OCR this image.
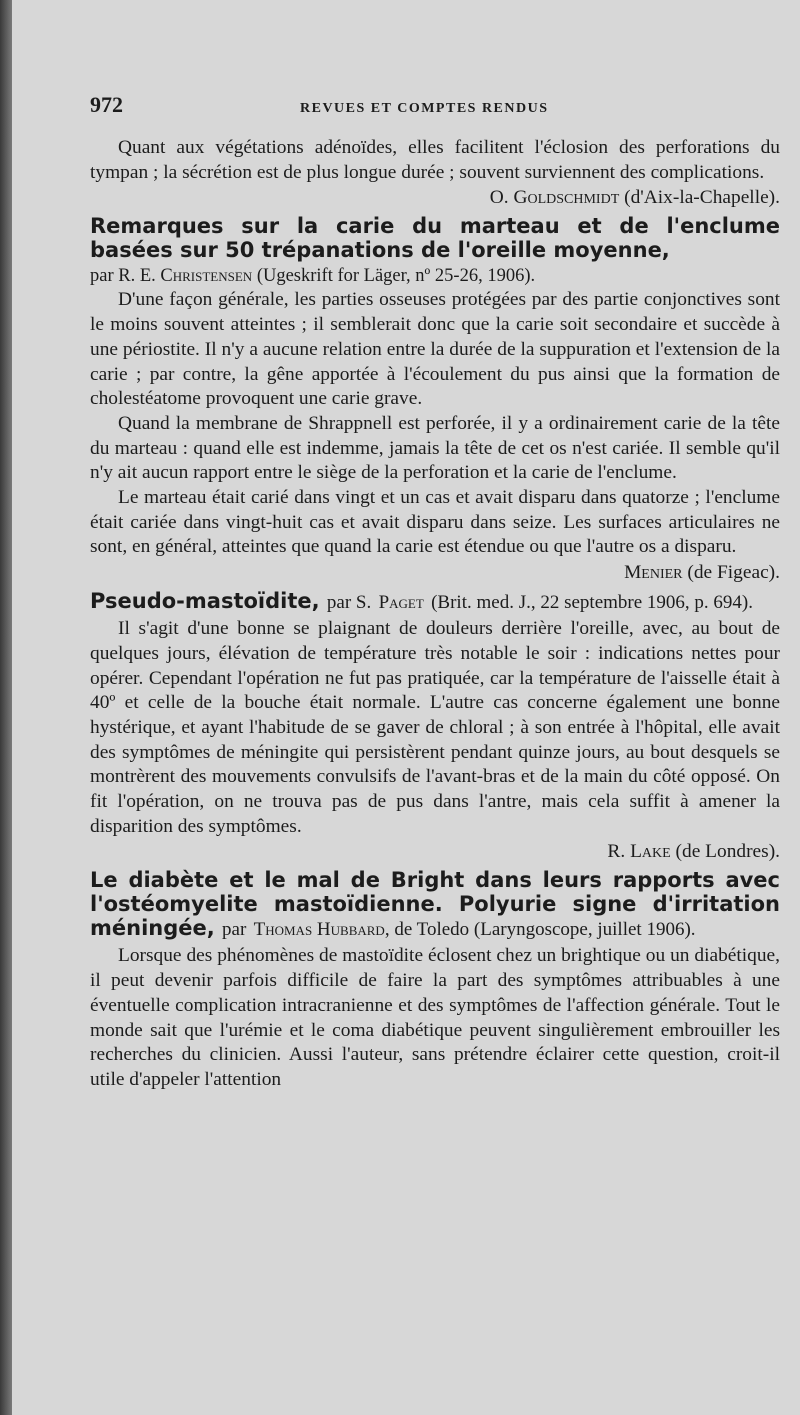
972	REVUES ET COMPTES RENDUS

Quant aux végétations adénoïdes, elles facilitent l'éclosion des perforations du tympan ; la sécrétion est de plus longue durée ; souvent surviennent des complications.

O. Goldschmidt (d'Aix-la-Chapelle).
Remarques sur la carie du marteau et de l'enclume basées sur 50 trépanations de l'oreille moyenne,

par R. E. Christensen (Ugeskrift for Läger, nº 25-26, 1906).

D'une façon générale, les parties osseuses protégées par des partie conjonctives sont le moins souvent atteintes ; il semblerait donc que la carie soit secondaire et succède à une périostite. Il n'y a aucune relation entre la durée de la suppuration et l'extension de la carie ; par contre, la gêne apportée à l'écoulement du pus ainsi que la formation de cholestéatome provoquent une carie grave.

Quand la membrane de Shrappnell est perforée, il y a ordinairement carie de la tête du marteau : quand elle est indemme, jamais la tête de cet os n'est cariée. Il semble qu'il n'y ait aucun rapport entre le siège de la perforation et la carie de l'enclume.

Le marteau était carié dans vingt et un cas et avait disparu dans quatorze ; l'enclume était cariée dans vingt-huit cas et avait disparu dans seize. Les surfaces articulaires ne sont, en général, atteintes que quand la carie est étendue ou que l'autre os a disparu.

Menier (de Figeac).
Pseudo-mastoïdite, par S. Paget (Brit. med. J., 22 septembre 1906, p. 694).

Il s'agit d'une bonne se plaignant de douleurs derrière l'oreille, avec, au bout de quelques jours, élévation de température très notable le soir : indications nettes pour opérer. Cependant l'opération ne fut pas pratiquée, car la température de l'aisselle était à 40º et celle de la bouche était normale. L'autre cas concerne également une bonne hystérique, et ayant l'habitude de se gaver de chloral ; à son entrée à l'hôpital, elle avait des symptômes de méningite qui persistèrent pendant quinze jours, au bout desquels se montrèrent des mouvements convulsifs de l'avant-bras et de la main du côté opposé. On fit l'opération, on ne trouva pas de pus dans l'antre, mais cela suffit à amener la disparition des symptômes.

R. Lake (de Londres).
Le diabète et le mal de Bright dans leurs rapports avec l'ostéomyelite mastoïdienne. Polyurie signe d'irritation méningée, par Thomas Hubbard, de Toledo (Laryngoscope, juillet 1906).

Lorsque des phénomènes de mastoïdite éclosent chez un brightique ou un diabétique, il peut devenir parfois difficile de faire la part des symptômes attribuables à une éventuelle complication intracranienne et des symptômes de l'affection générale. Tout le monde sait que l'urémie et le coma diabétique peuvent singulièrement embrouiller les recherches du clinicien. Aussi l'auteur, sans prétendre éclairer cette question, croit-il utile d'appeler l'attention
